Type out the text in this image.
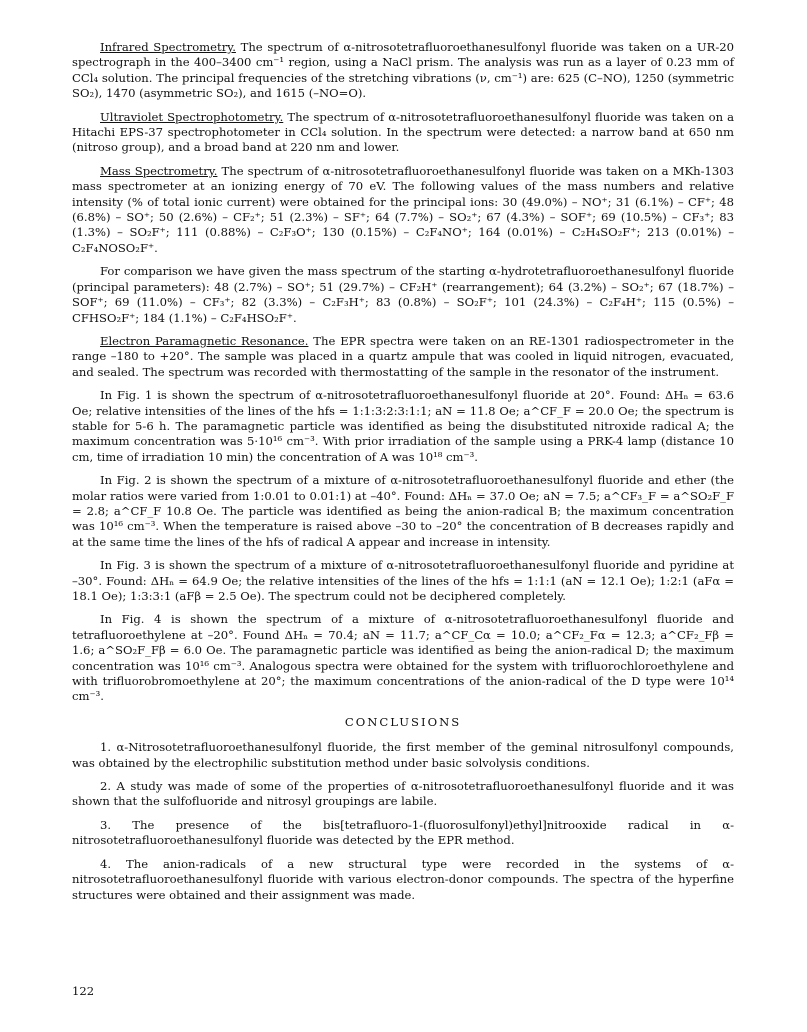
Infrared Spectrometry. The spectrum of α-nitrosotetrafluoroethanesulfonyl fluoride was taken on a UR-20 spectrograph in the 400–3400 cm⁻¹ region, using a NaCl prism. The analysis was run as a layer of 0.23 mm of CCl₄ solution. The principal frequencies of the stretching vibrations (ν, cm⁻¹) are: 625 (C–NO), 1250 (symmetric SO₂), 1470 (asymmetric SO₂), and 1615 (–NO=O).

Ultraviolet Spectrophotometry. The spectrum of α-nitrosotetrafluoroethanesulfonyl fluoride was taken on a Hitachi EPS-37 spectrophotometer in CCl₄ solution. In the spectrum were detected: a narrow band at 650 nm (nitroso group), and a broad band at 220 nm and lower.

Mass Spectrometry. The spectrum of α-nitrosotetrafluoroethanesulfonyl fluoride was taken on a MKh-1303 mass spectrometer at an ionizing energy of 70 eV. The following values of the mass numbers and relative intensity (% of total ionic current) were obtained for the principal ions: 30 (49.0%) – NO⁺; 31 (6.1%) – CF⁺; 48 (6.8%) – SO⁺; 50 (2.6%) – CF₂⁺; 51 (2.3%) – SF⁺; 64 (7.7%) – SO₂⁺; 67 (4.3%) – SOF⁺; 69 (10.5%) – CF₃⁺; 83 (1.3%) – SO₂F⁺; 111 (0.88%) – C₂F₃O⁺; 130 (0.15%) – C₂F₄NO⁺; 164 (0.01%) – C₂H₄SO₂F⁺; 213 (0.01%) – C₂F₄NOSO₂F⁺.

For comparison we have given the mass spectrum of the starting α-hydrotetrafluoroethanesulfonyl fluoride (principal parameters): 48 (2.7%) – SO⁺; 51 (29.7%) – CF₂H⁺ (rearrangement); 64 (3.2%) – SO₂⁺; 67 (18.7%) – SOF⁺; 69 (11.0%) – CF₃⁺; 82 (3.3%) – C₂F₃H⁺; 83 (0.8%) – SO₂F⁺; 101 (24.3%) – C₂F₄H⁺; 115 (0.5%) – CFHSO₂F⁺; 184 (1.1%) – C₂F₄HSO₂F⁺.

Electron Paramagnetic Resonance. The EPR spectra were taken on an RE-1301 radiospectrometer in the range –180 to +20°. The sample was placed in a quartz ampule that was cooled in liquid nitrogen, evacuated, and sealed. The spectrum was recorded with thermostatting of the sample in the resonator of the instrument.

In Fig. 1 is shown the spectrum of α-nitrosotetrafluoroethanesulfonyl fluoride at 20°. Found: ΔHₙ = 63.6 Oe; relative intensities of the lines of the hfs = 1:1:3:2:3:1:1; aN = 11.8 Oe; a^CF_F = 20.0 Oe; the spectrum is stable for 5-6 h. The paramagnetic particle was identified as being the disubstituted nitroxide radical A; the maximum concentration was 5·10¹⁶ cm⁻³. With prior irradiation of the sample using a PRK-4 lamp (distance 10 cm, time of irradiation 10 min) the concentration of A was 10¹⁸ cm⁻³.

In Fig. 2 is shown the spectrum of a mixture of α-nitrosotetrafluoroethanesulfonyl fluoride and ether (the molar ratios were varied from 1:0.01 to 0.01:1) at –40°. Found: ΔHₙ = 37.0 Oe; aN = 7.5; a^CF₃_F = a^SO₂F_F = 2.8; a^CF_F 10.8 Oe. The particle was identified as being the anion-radical B; the maximum concentration was 10¹⁶ cm⁻³. When the temperature is raised above –30 to –20° the concentration of B decreases rapidly and at the same time the lines of the hfs of radical A appear and increase in intensity.

In Fig. 3 is shown the spectrum of a mixture of α-nitrosotetrafluoroethanesulfonyl fluoride and pyridine at –30°. Found: ΔHₙ = 64.9 Oe; the relative intensities of the lines of the hfs = 1:1:1 (aN = 12.1 Oe); 1:2:1 (aFα = 18.1 Oe); 1:3:3:1 (aFβ = 2.5 Oe). The spectrum could not be deciphered completely.

In Fig. 4 is shown the spectrum of a mixture of α-nitrosotetrafluoroethanesulfonyl fluoride and tetrafluoroethylene at –20°. Found ΔHₙ = 70.4; aN = 11.7; a^CF_Cα = 10.0; a^CF₂_Fα = 12.3; a^CF₂_Fβ = 1.6; a^SO₂F_Fβ = 6.0 Oe. The paramagnetic particle was identified as being the anion-radical D; the maximum concentration was 10¹⁶ cm⁻³. Analogous spectra were obtained for the system with trifluorochloroethylene and with trifluorobromoethylene at 20°; the maximum concentrations of the anion-radical of the D type were 10¹⁴ cm⁻³.

CONCLUSIONS

1. α-Nitrosotetrafluoroethanesulfonyl fluoride, the first member of the geminal nitrosulfonyl compounds, was obtained by the electrophilic substitution method under basic solvolysis conditions.

2. A study was made of some of the properties of α-nitrosotetrafluoroethanesulfonyl fluoride and it was shown that the sulfofluoride and nitrosyl groupings are labile.

3. The presence of the bis[tetrafluoro-1-(fluorosulfonyl)ethyl]nitrooxide radical in α-nitrosotetrafluoroethanesulfonyl fluoride was detected by the EPR method.

4. The anion-radicals of a new structural type were recorded in the systems of α-nitrosotetrafluoroethanesulfonyl fluoride with various electron-donor compounds. The spectra of the hyperfine structures were obtained and their assignment was made.

122
